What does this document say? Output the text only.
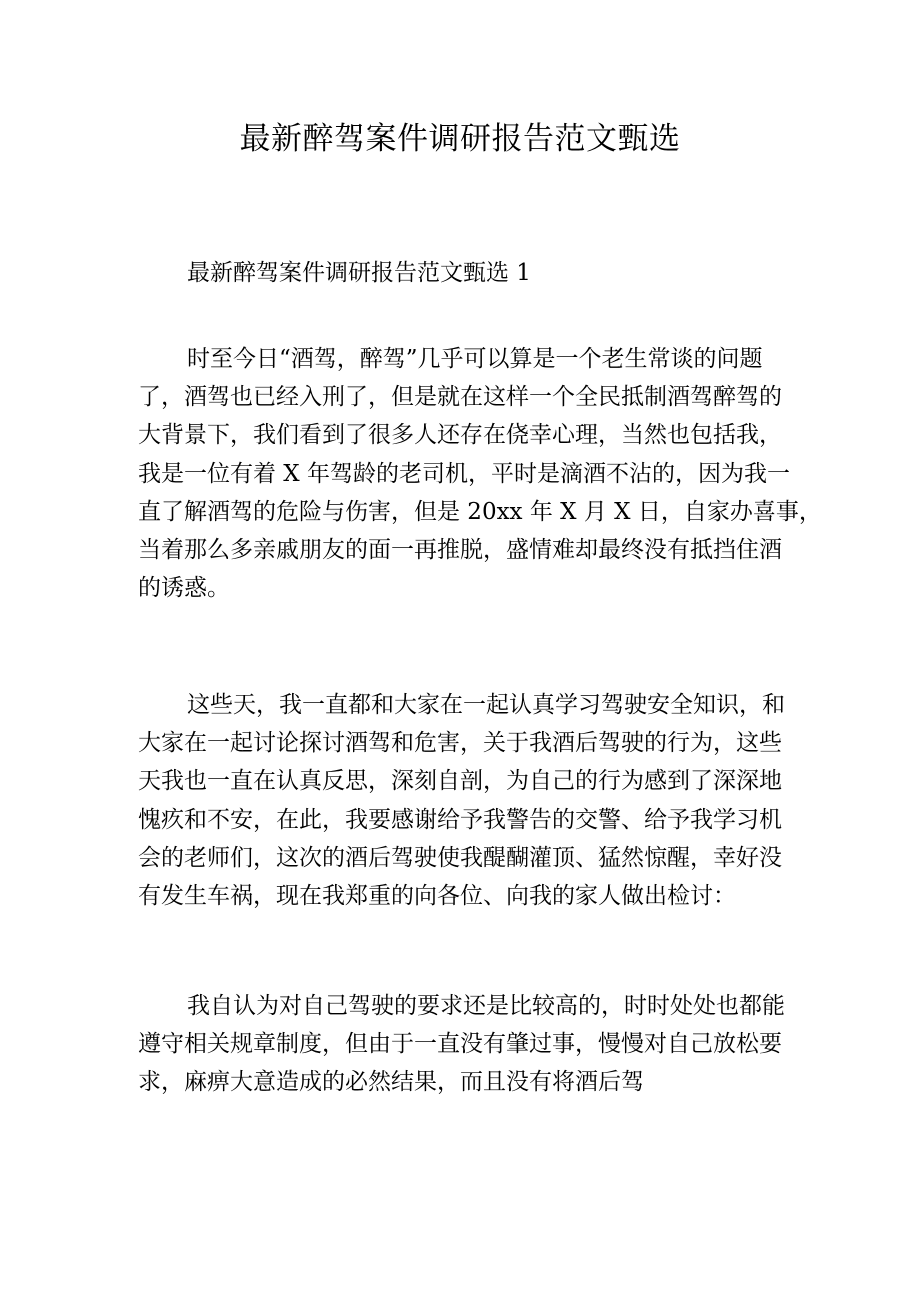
最新醉驾案件调研报告范文甄选
最新醉驾案件调研报告范文甄选 1
时至今日“酒驾，醉驾”几乎可以算是一个老生常谈的问题
了，酒驾也已经入刑了，但是就在这样一个全民抵制酒驾醉驾的
大背景下，我们看到了很多人还存在侥幸心理，当然也包括我，
我是一位有着 X 年驾龄的老司机，平时是滴酒不沾的，因为我一
直了解酒驾的危险与伤害，但是 20xx 年 X 月 X 日，自家办喜事，
当着那么多亲戚朋友的面一再推脱，盛情难却最终没有抵挡住酒
的诱惑。
这些天，我一直都和大家在一起认真学习驾驶安全知识，和
大家在一起讨论探讨酒驾和危害，关于我酒后驾驶的行为，这些
天我也一直在认真反思，深刻自剖，为自己的行为感到了深深地
愧疚和不安，在此，我要感谢给予我警告的交警、给予我学习机
会的老师们，这次的酒后驾驶使我醍醐灌顶、猛然惊醒，幸好没
有发生车祸，现在我郑重的向各位、向我的家人做出检讨：
我自认为对自己驾驶的要求还是比较高的，时时处处也都能
遵守相关规章制度，但由于一直没有肇过事，慢慢对自己放松要
求，麻痹大意造成的必然结果，而且没有将酒后驾
